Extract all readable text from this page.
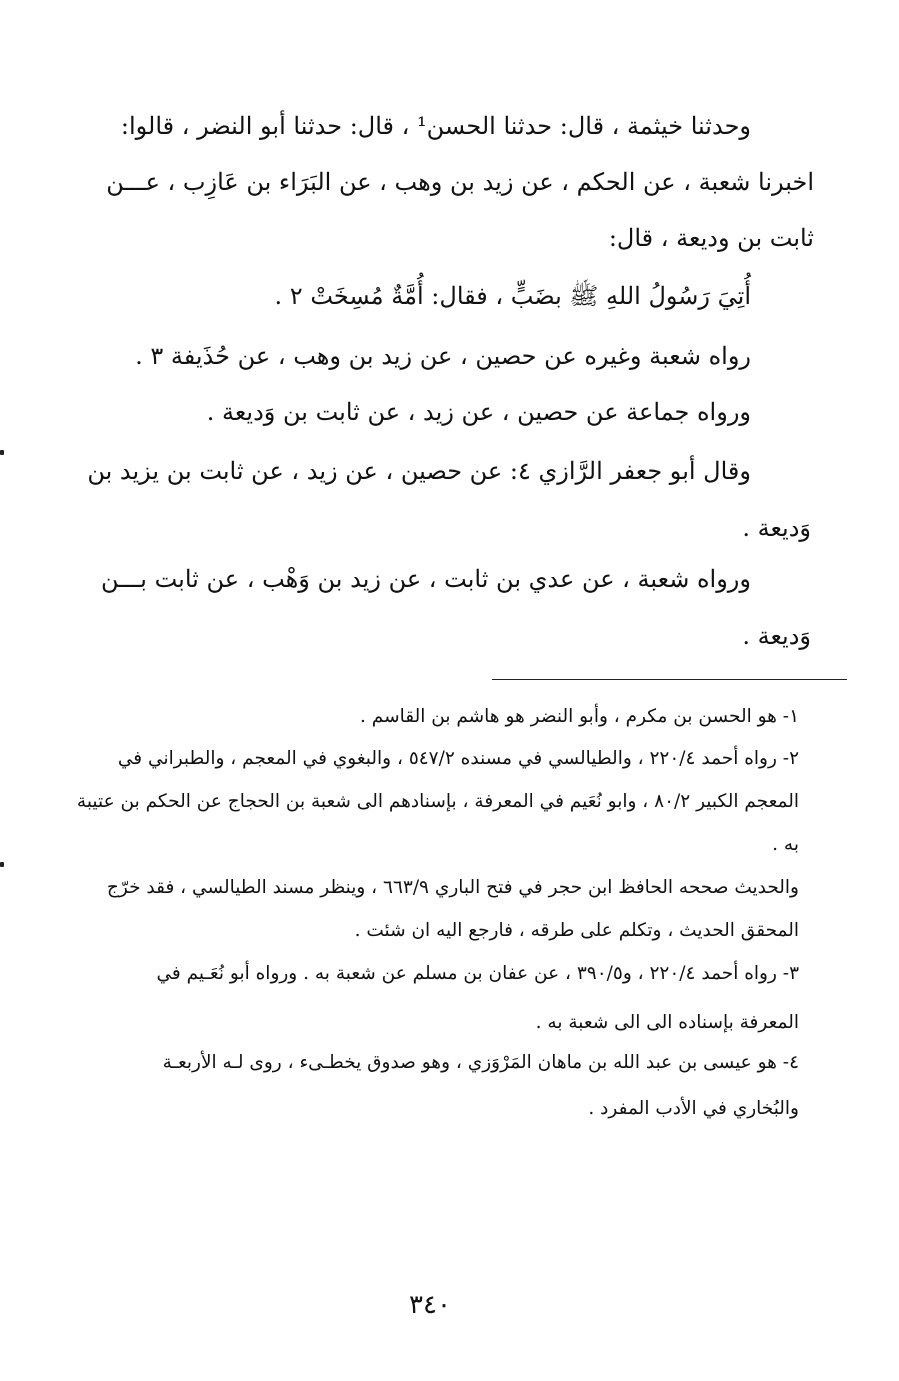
وحدثنا خيثمة ، قال: حدثنا الحسن¹ ، قال: حدثنا أبو النضر ، قالوا:
اخبرنا شعبة ، عن الحكم ، عن زيد بن وهب ، عن البَرَاء بن عَازِب ، عـــن
ثابت بن وديعة ، قال:
أُتِيَ رَسُولُ اللهِ ﷺ بضَبٍّ ، فقال: أُمَّةٌ مُسِخَتْ ٢ .
رواه شعبة وغيره عن حصين ، عن زيد بن وهب ، عن حُذَيفة ٣ .
ورواه جماعة عن حصين ، عن زيد ، عن ثابت بن وَديعة .
وقال أبو جعفر الرَّازي ٤: عن حصين ، عن زيد ، عن ثابت بن يزيد بن
وَديعة .
ورواه شعبة ، عن عدي بن ثابت ، عن زيد بن وَهْب ، عن ثابت بـــن
وَديعة .
١- هو الحسن بن مكرم ، وأبو النضر هو هاشم بن القاسم .
٢- رواه أحمد ٢٢٠/٤ ، والطيالسي في مسنده ٥٤٧/٢ ، والبغوي في المعجم ، والطبراني في
المعجم الكبير ٨٠/٢ ، وابو نُعَيم في المعرفة ، بإسنادهم الى شعبة بن الحجاج عن الحكم بن عتيبة
به .
والحديث صححه الحافظ ابن حجر في فتح الباري ٦٦٣/٩ ، وينظر مسند الطيالسي ، فقد خرّج
المحقق الحديث ، وتكلم على طرقه ، فارجع اليه ان شئت .
٣- رواه أحمد ٢٢٠/٤ ، و٣٩٠/٥ ، عن عفان بن مسلم عن شعبة به . ورواه أبو نُعَـيم في
المعرفة بإسناده الى الى شعبة به .
٤- هو عيسى بن عبد الله بن ماهان المَرْوَزي ، وهو صدوق يخطـىء ، روى لـه الأربعـة
والبُخاري في الأدب المفرد .
٣٤٠
